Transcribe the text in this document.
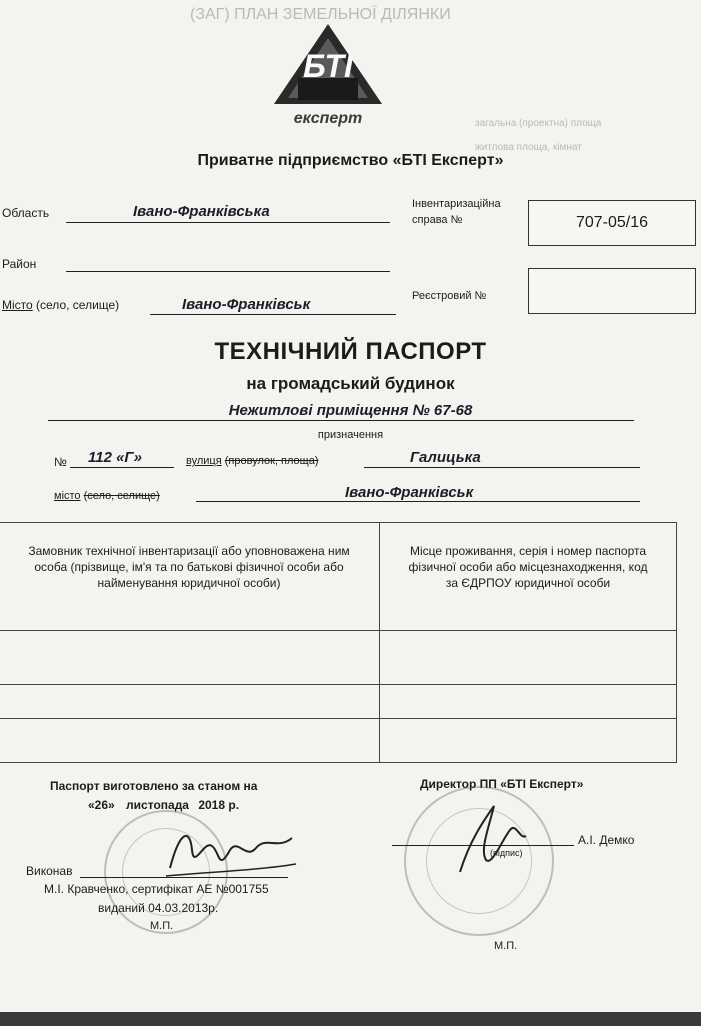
(ЗАГ) ПЛАН ЗЕМЕЛЬНОЇ ДІЛЯНКИ
загальна (проектна) площа
житлова площа, кімнат
БТІ
експерт
Приватне підприємство «БТІ Експерт»
Область	Івано-Франківська
Район
Місто (село, селище)	Івано-Франківськ
Інвентаризаційна
справа №	707-05/16
Реєстровий №
ТЕХНІЧНИЙ ПАСПОРТ
на громадський будинок
Нежитлові приміщення № 67-68
призначення
№ 112 «Г»	вулиця (провулок, площа)	Галицька
місто (село, селище)	Івано-Франківськ
Замовник технічної інвентаризації або уповноважена ним особа (прізвище, ім'я та по батькові фізичної особи або найменування юридичної особи)	Місце проживання, серія і номер паспорта фізичної особи або місцезнаходження, код за ЄДРПОУ юридичної особи

Паспорт виготовлено за станом на
«26» листопада 2018 р.
Виконав
М.І. Кравченко, сертифікат АЕ №001755
виданий 04.03.2013р.
М.П.
Директор ПП «БТІ Експерт»
(підпис)
А.І. Демко
М.П.
